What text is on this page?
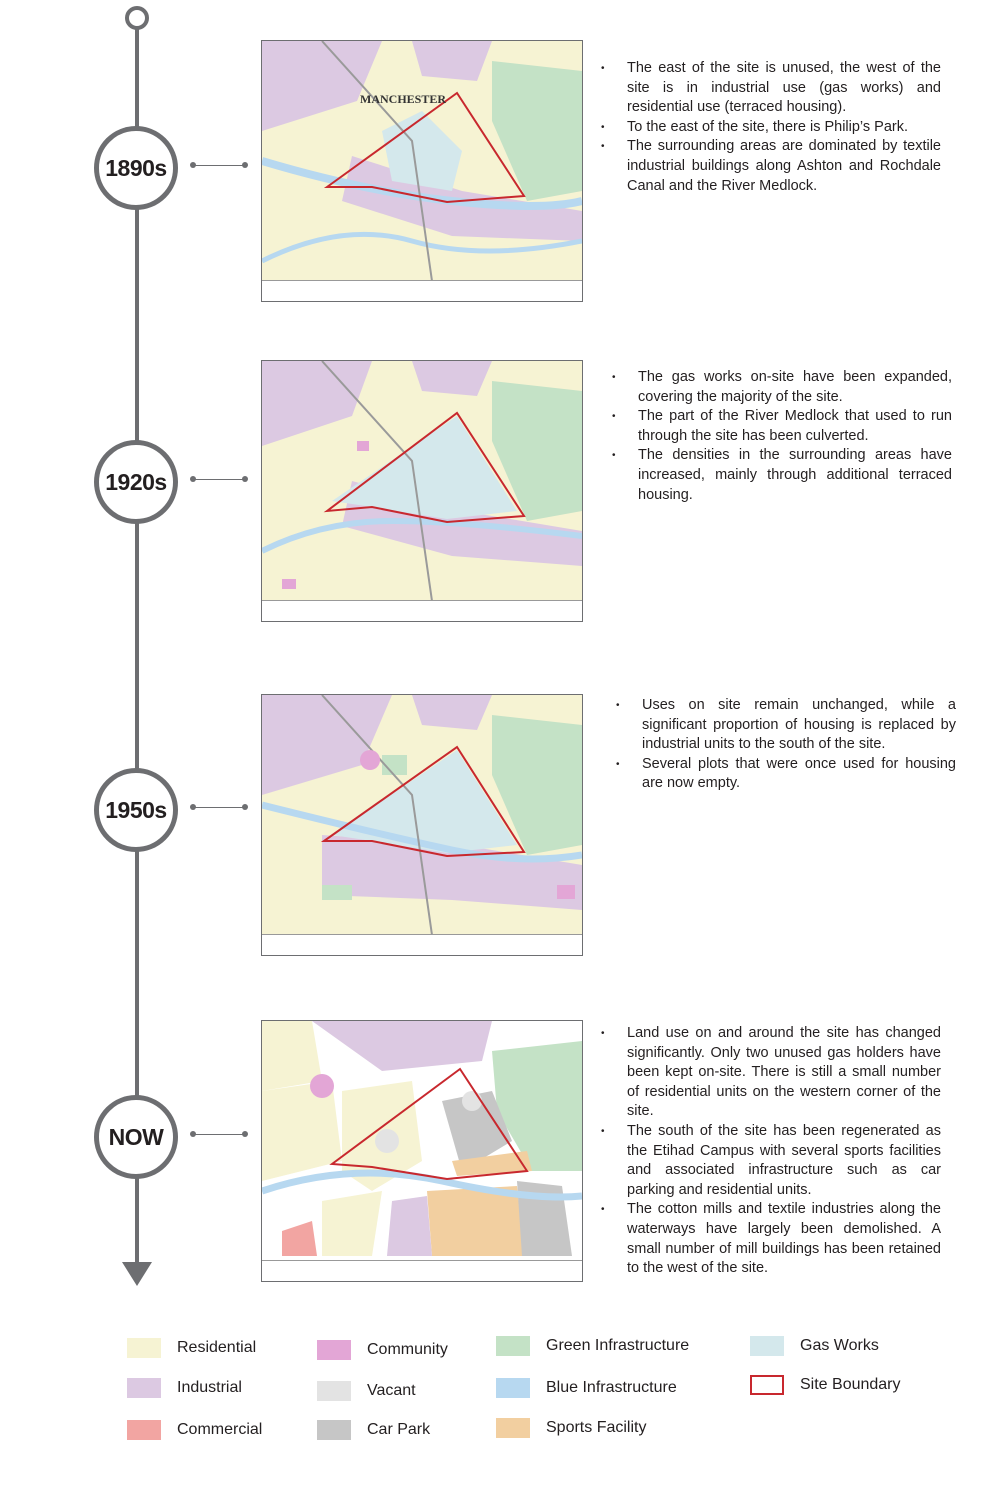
1890s
MANCHESTER
• The east of the site is unused, the west of the site is in industrial use (gas works) and residential use (terraced housing).
• To the east of the site, there is Philip’s Park.
• The surrounding areas are dominated by textile industrial buildings along Ashton and Rochdale Canal and the River Medlock.
1920s
• The gas works on-site have been expanded, covering the majority of the site.
• The part of the River Medlock that used to run through the site has been culverted.
• The densities in the surrounding areas have increased, mainly through additional terraced housing.
1950s
• Uses on site remain unchanged, while a significant proportion of housing is replaced by industrial units to the south of the site.
• Several plots that were once used for housing are now empty.
NOW
• Land use on and around the site has changed significantly. Only two unused gas holders have been kept on-site. There is still a small number of residential units on the western corner of the site.
• The south of the site has been regenerated as the Etihad Campus with several sports facilities and associated infrastructure such as car parking and residential units.
• The cotton mills and textile industries along the waterways have largely been demolished. A small number of mill buildings has been retained to the west of the site.
Residential
Industrial
Commercial
Community
Vacant
Car Park
Green Infrastructure
Blue Infrastructure
Sports Facility
Gas Works
Site Boundary
